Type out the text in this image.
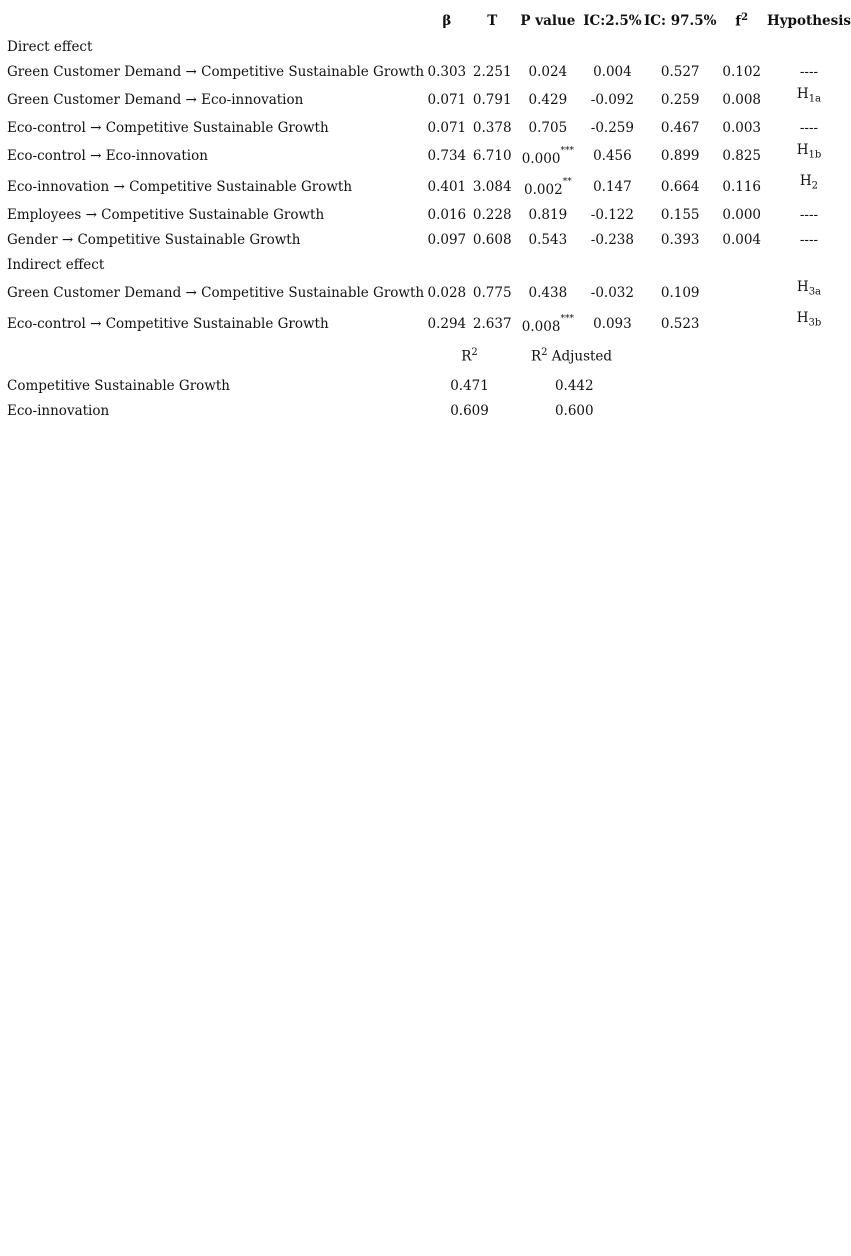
	β	T	P value	IC:2.5%	IC: 97.5%	$f^2$	Hypothesis
Direct effect							
Green Customer Demand → Competitive Sustainable Growth	0.303	2.251	0.024	0.004	0.527	0.102	----
Green Customer Demand → Eco-innovation	0.071	0.791	0.429	-0.092	0.259	0.008	$H_{1a}$
Eco-control → Competitive Sustainable Growth	0.071	0.378	0.705	-0.259	0.467	0.003	----
Eco-control → Eco-innovation	0.734	6.710	0.000***	0.456	0.899	0.825	$H_{1b}$
Eco-innovation → Competitive Sustainable Growth	0.401	3.084	0.002**	0.147	0.664	0.116	$H_2$
Employees → Competitive Sustainable Growth	0.016	0.228	0.819	-0.122	0.155	0.000	----
Gender → Competitive Sustainable Growth	0.097	0.608	0.543	-0.238	0.393	0.004	----
Indirect effect							
Green Customer Demand → Competitive Sustainable Growth	0.028	0.775	0.438	-0.032	0.109		$H_{3a}$
Eco-control → Competitive Sustainable Growth	0.294	2.637	0.008***	0.093	0.523		$H_{3b}$
	$R^2$		$R^2$ Adjusted				
Competitive Sustainable Growth	0.471		0.442				
Eco-innovation	0.609		0.600				
